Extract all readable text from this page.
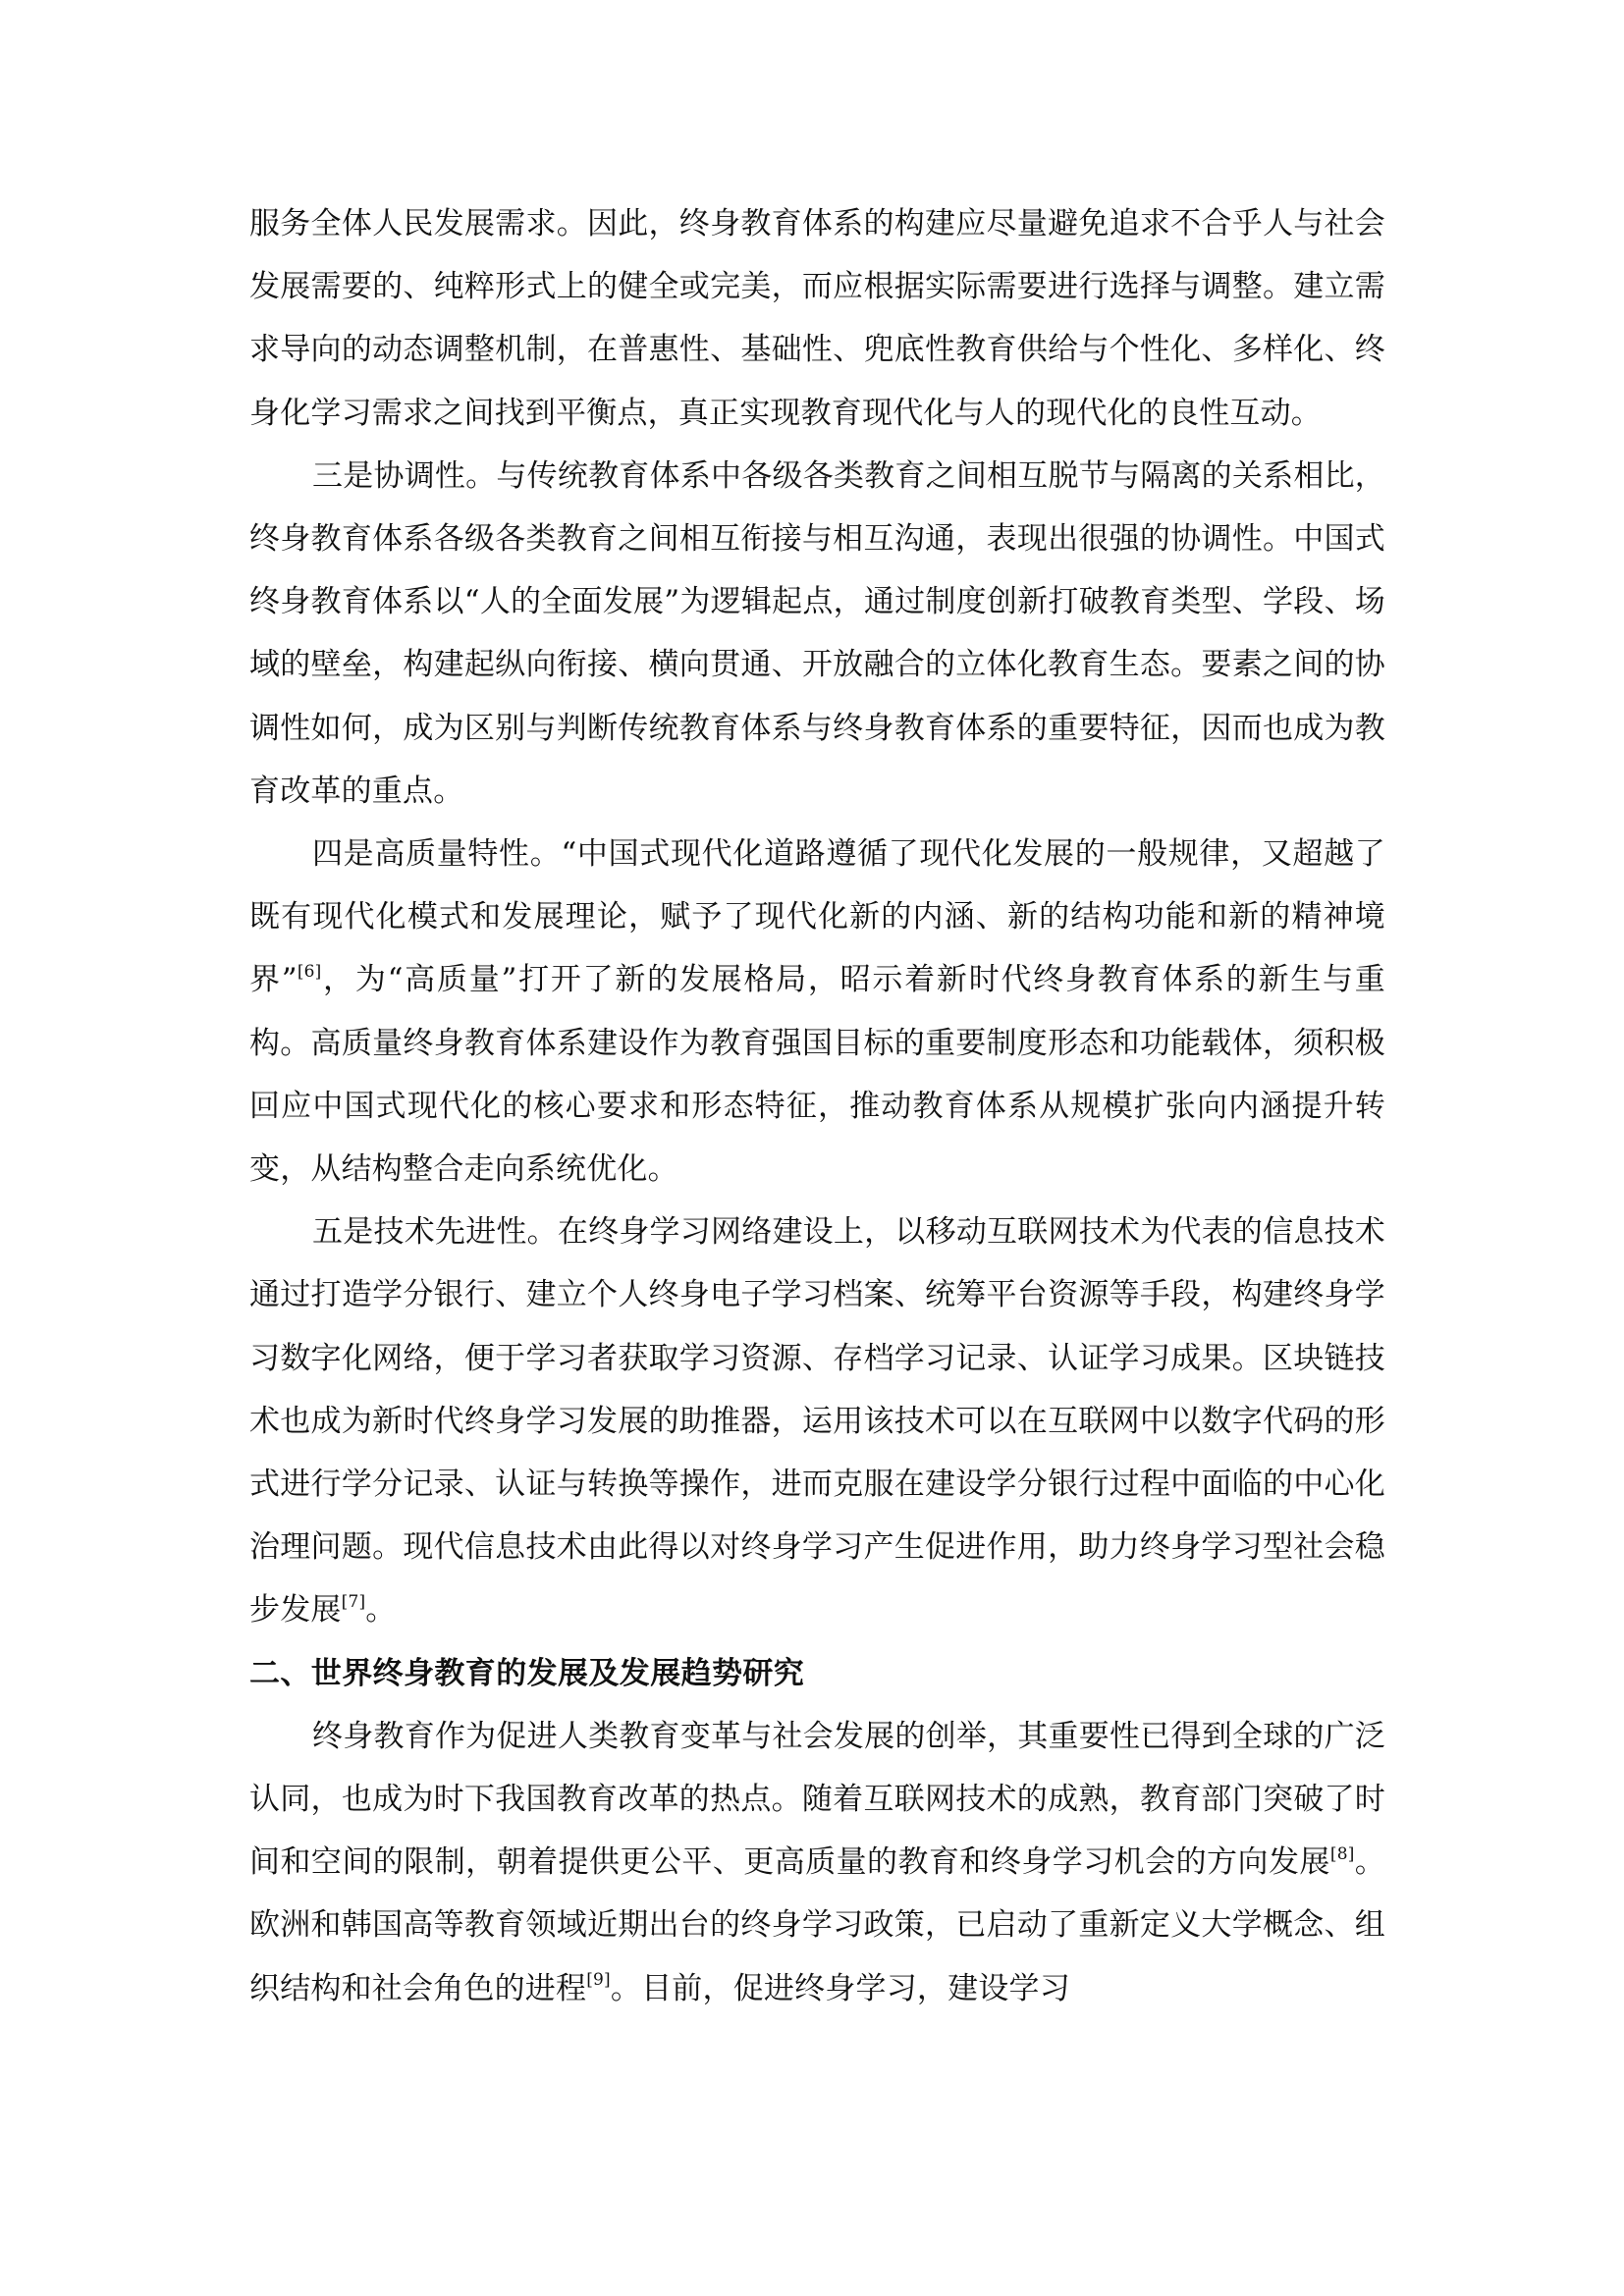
服务全体人民发展需求。因此，终身教育体系的构建应尽量避免追求不合乎人与社会发展需要的、纯粹形式上的健全或完美，而应根据实际需要进行选择与调整。建立需求导向的动态调整机制，在普惠性、基础性、兜底性教育供给与个性化、多样化、终身化学习需求之间找到平衡点，真正实现教育现代化与人的现代化的良性互动。

三是协调性。与传统教育体系中各级各类教育之间相互脱节与隔离的关系相比，终身教育体系各级各类教育之间相互衔接与相互沟通，表现出很强的协调性。中国式终身教育体系以“人的全面发展”为逻辑起点，通过制度创新打破教育类型、学段、场域的壁垒，构建起纵向衔接、横向贯通、开放融合的立体化教育生态。要素之间的协调性如何，成为区别与判断传统教育体系与终身教育体系的重要特征，因而也成为教育改革的重点。

四是高质量特性。“中国式现代化道路遵循了现代化发展的一般规律，又超越了既有现代化模式和发展理论，赋予了现代化新的内涵、新的结构功能和新的精神境界”[6]，为“高质量”打开了新的发展格局，昭示着新时代终身教育体系的新生与重构。高质量终身教育体系建设作为教育强国目标的重要制度形态和功能载体，须积极回应中国式现代化的核心要求和形态特征，推动教育体系从规模扩张向内涵提升转变，从结构整合走向系统优化。

五是技术先进性。在终身学习网络建设上，以移动互联网技术为代表的信息技术通过打造学分银行、建立个人终身电子学习档案、统筹平台资源等手段，构建终身学习数字化网络，便于学习者获取学习资源、存档学习记录、认证学习成果。区块链技术也成为新时代终身学习发展的助推器，运用该技术可以在互联网中以数字代码的形式进行学分记录、认证与转换等操作，进而克服在建设学分银行过程中面临的中心化治理问题。现代信息技术由此得以对终身学习产生促进作用，助力终身学习型社会稳步发展[7]。

二、世界终身教育的发展及发展趋势研究

终身教育作为促进人类教育变革与社会发展的创举，其重要性已得到全球的广泛认同，也成为时下我国教育改革的热点。随着互联网技术的成熟，教育部门突破了时间和空间的限制，朝着提供更公平、更高质量的教育和终身学习机会的方向发展[8]。欧洲和韩国高等教育领域近期出台的终身学习政策，已启动了重新定义大学概念、组织结构和社会角色的进程[9]。目前，促进终身学习，建设学习
